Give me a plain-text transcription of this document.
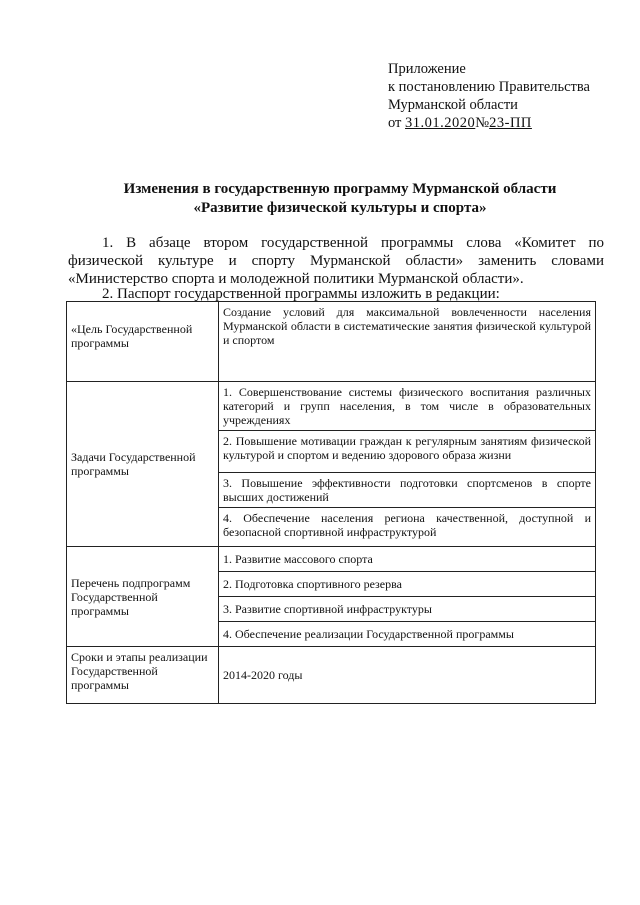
Приложение
к постановлению Правительства
Мурманской области
от 31.01.2020№23-ПП
Изменения в государственную программу Мурманской области
«Развитие физической культуры и спорта»
1. В абзаце втором государственной программы слова «Комитет по физической культуре и спорту Мурманской области» заменить словами «Министерство спорта и молодежной политики Мурманской области».
2. Паспорт государственной программы изложить в редакции:
«Цель Государственной программы	Создание условий для максимальной вовлеченности населения Мурманской области в систематические занятия физической культурой и спортом
Задачи Государственной программы	1. Совершенствование системы физического воспитания различных категорий и групп населения, в том числе в образовательных учреждениях
	2. Повышение мотивации граждан к регулярным занятиям физической культурой и спортом и ведению здорового образа жизни
	3. Повышение эффективности подготовки спортсменов в спорте высших достижений
	4. Обеспечение населения региона качественной, доступной и безопасной спортивной инфраструктурой
Перечень подпрограмм Государственной программы	1. Развитие массового спорта
	2. Подготовка спортивного резерва
	3. Развитие спортивной инфраструктуры
	4. Обеспечение реализации Государственной программы
Сроки и этапы реализации Государственной программы	2014-2020 годы
